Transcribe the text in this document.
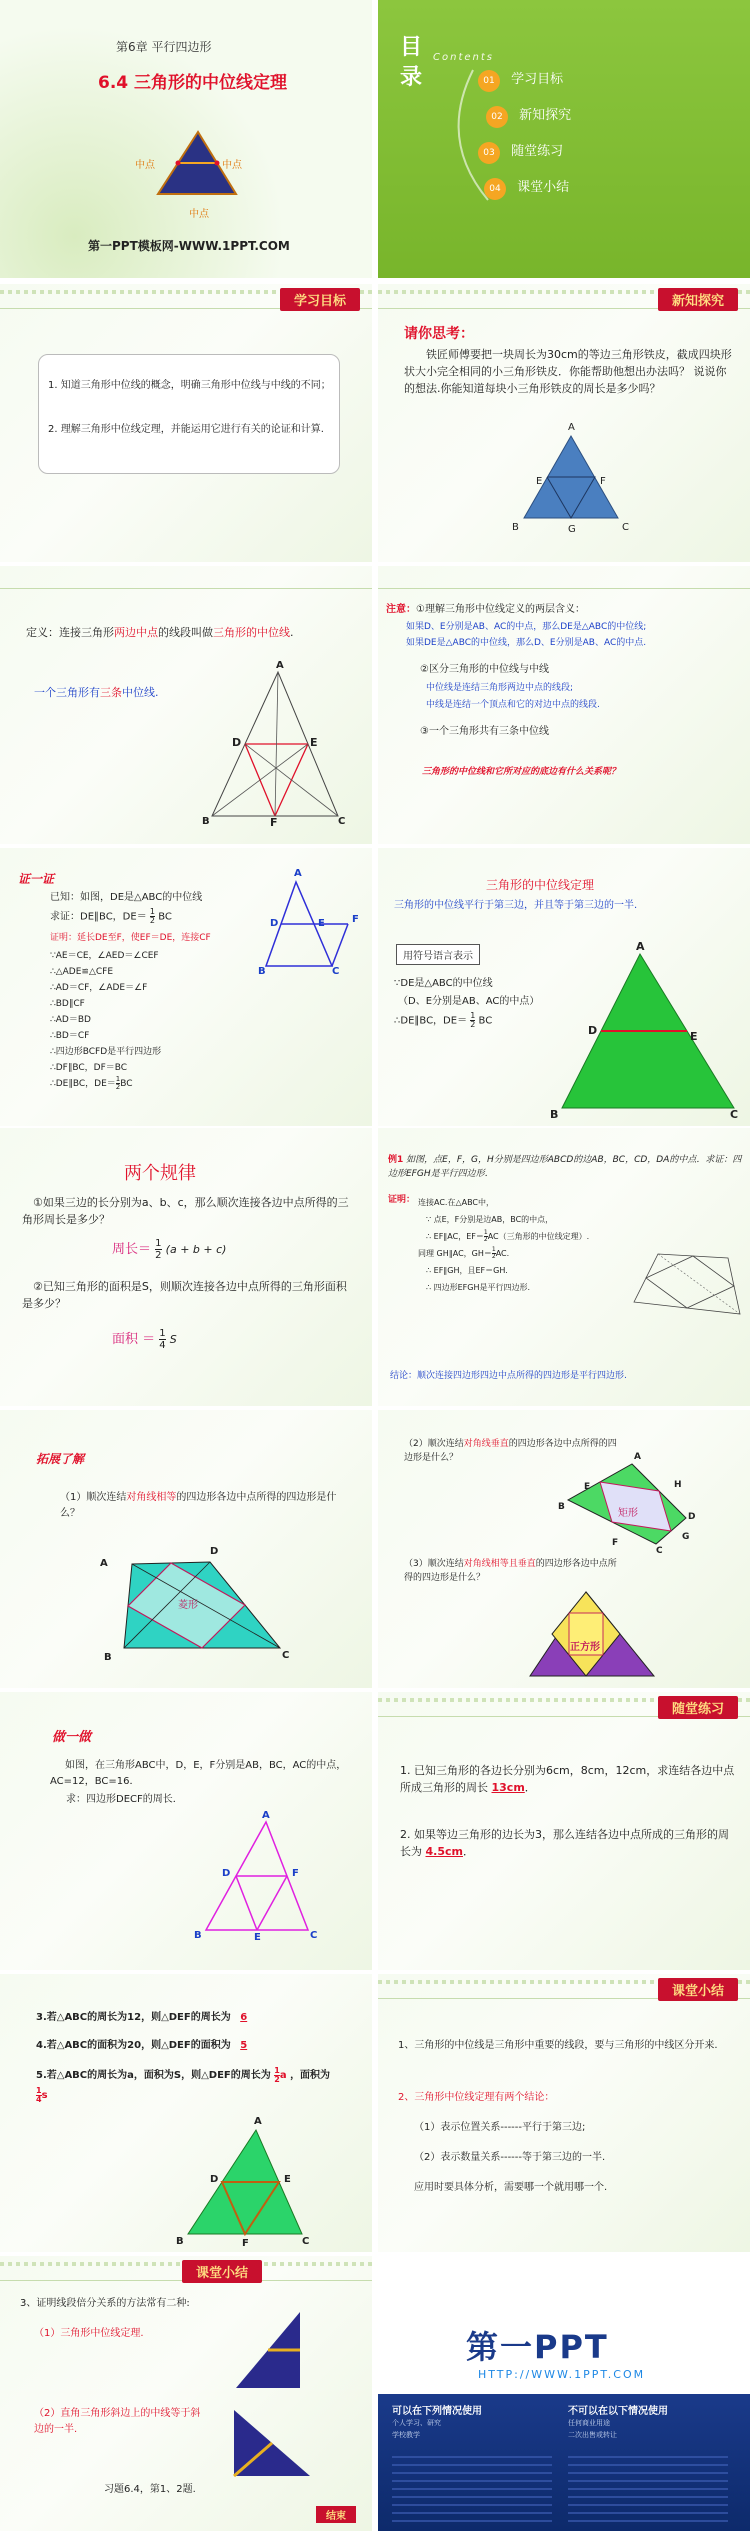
第6章 平行四边形
6.4 三角形的中位线定理
中点	中点
中点
第一PPT模板网-WWW.1PPT.COM
目
录
Contents
01 学习目标
02 新知探究
03 随堂练习
04 课堂小结
学习目标
1. 知道三角形中位线的概念，明确三角形中位线与中线的不同；
2. 理解三角形中位线定理，并能运用它进行有关的论证和计算.
新知探究
请你思考：
铁匠师傅要把一块周长为30cm的等边三角形铁皮，截成四块形状大小完全相同的小三角形铁皮．你能帮助他想出办法吗？ 说说你的想法.你能知道每块小三角形铁皮的周长是多少吗？
A
E	F
B	G	C
定义：连接三角形两边中点的线段叫做三角形的中位线.
一个三角形有三条中位线.
A
D	E
F
B	C
注意：①理解三角形中位线定义的两层含义：
如果D、E分别是AB、AC的中点，那么DE是△ABC的中位线;
如果DE是△ABC的中位线，那么D、E分别是AB、AC的中点.
②区分三角形的中位线与中线
中位线是连结三角形两边中点的线段;
中线是连结一个顶点和它的对边中点的线段.
③一个三角形共有三条中位线
三角形的中位线和它所对应的底边有什么关系呢？
证一证
已知：如图，DE是△ABC的中位线
求证：DE∥BC，$DE= \frac{1}{2}$ BC
证明：延长DE至F，使EF＝DE，连接CF
∵AE＝CE，∠AED＝∠CEF
∴△ADE≌△CFE
∴AD＝CF，∠ADE＝∠F
∴BD∥CF
∴AD＝BD
∴BD＝CF
∴四边形BCFD是平行四边形
∴DF∥BC，DF＝BC
∴DE∥BC，$DE= \frac{1}{2}$ BC
A
D	E	F
B	C
三角形的中位线定理
三角形的中位线平行于第三边，并且等于第三边的一半.
用符号语言表示
∵DE是△ABC的中位线
（D、E分别是AB、AC的中点）
∴DE∥BC，$DE= \frac{1}{2}$ BC
A
D	E
B	C
两个规律
①如果三边的长分别为a、b、c，那么顺次连接各边中点所得的三角形周长是多少？
周长＝ $\frac{1}{2} (a + b + c)$
②已知三角形的面积是S，则顺次连接各边中点所得的三角形面积是多少？
面积 ＝ $\frac{1}{4}$ S
例1 如图，点E，F，G，H分别是四边形ABCD的边AB，BC，CD，DA的中点．求证：四边形EFGH是平行四边形．
证明： 连接AC.在△ABC中，
∵ 点E，F分别是边AB，BC的中点，
∴ EF∥AC，$EF= \frac{1}{2} AC$（三角形的中位线定理）.
同理 GH∥AC，$GH= \frac{1}{2}$ AC.
∴ EF∥GH，且EF＝GH.
∴ 四边形EFGH是平行四边形.
结论：顺次连接四边形四边中点所得的四边形是平行四边形.
拓展了解
（1）顺次连结对角线相等的四边形各边中点所得的四边形是什么？
菱形
A
D
B	C
（2）顺次连结对角线垂直的四边形各边中点所得的四边形是什么？
矩形
A
H
E
D
B
G
F
C
（3）顺次连结对角线相等且垂直的四边形各边中点所得的四边形是什么？
正方形
做一做
如图，在三角形ABC中，D，E，F分别是AB，BC，AC的中点，AC=12，BC=16．
求：四边形DECF的周长．
A
D	F
B	E	C
随堂练习
1. 已知三角形的各边长分别为6cm，8cm，12cm，求连结各边中点所成三角形的周长 13cm．
2. 如果等边三角形的边长为3，那么连结各边中点所成的三角形的周长为 4.5cm．
3.若△ABC的周长为12，则△DEF的周长为 6
4.若△ABC的面积为20，则△DEF的面积为 5
5.若△ABC的周长为a，面积为S，则△DEF的周长为 $\frac{1}{2}$ a ，面积为
$\frac{1}{4}$ s
A
D	E
B	F	C
课堂小结
1、三角形的中位线是三角形中重要的线段，要与三角形的中线区分开来.
2、三角形中位线定理有两个结论：
（1）表示位置关系------平行于第三边;
（2）表示数量关系------等于第三边的一半.
应用时要具体分析，需要哪一个就用哪一个.
课堂小结
3、证明线段倍分关系的方法常有二种:
（1）三角形中位线定理.
（2）直角三角形斜边上的中线等于斜边的一半.
习题6.4，第1、2题.
结束
第一PPT
HTTP://WWW.1PPT.COM
可以在下列情况使用
个人学习、研究
学校教学
不可以在以下情况使用
任何商业用途
二次出售或转让
